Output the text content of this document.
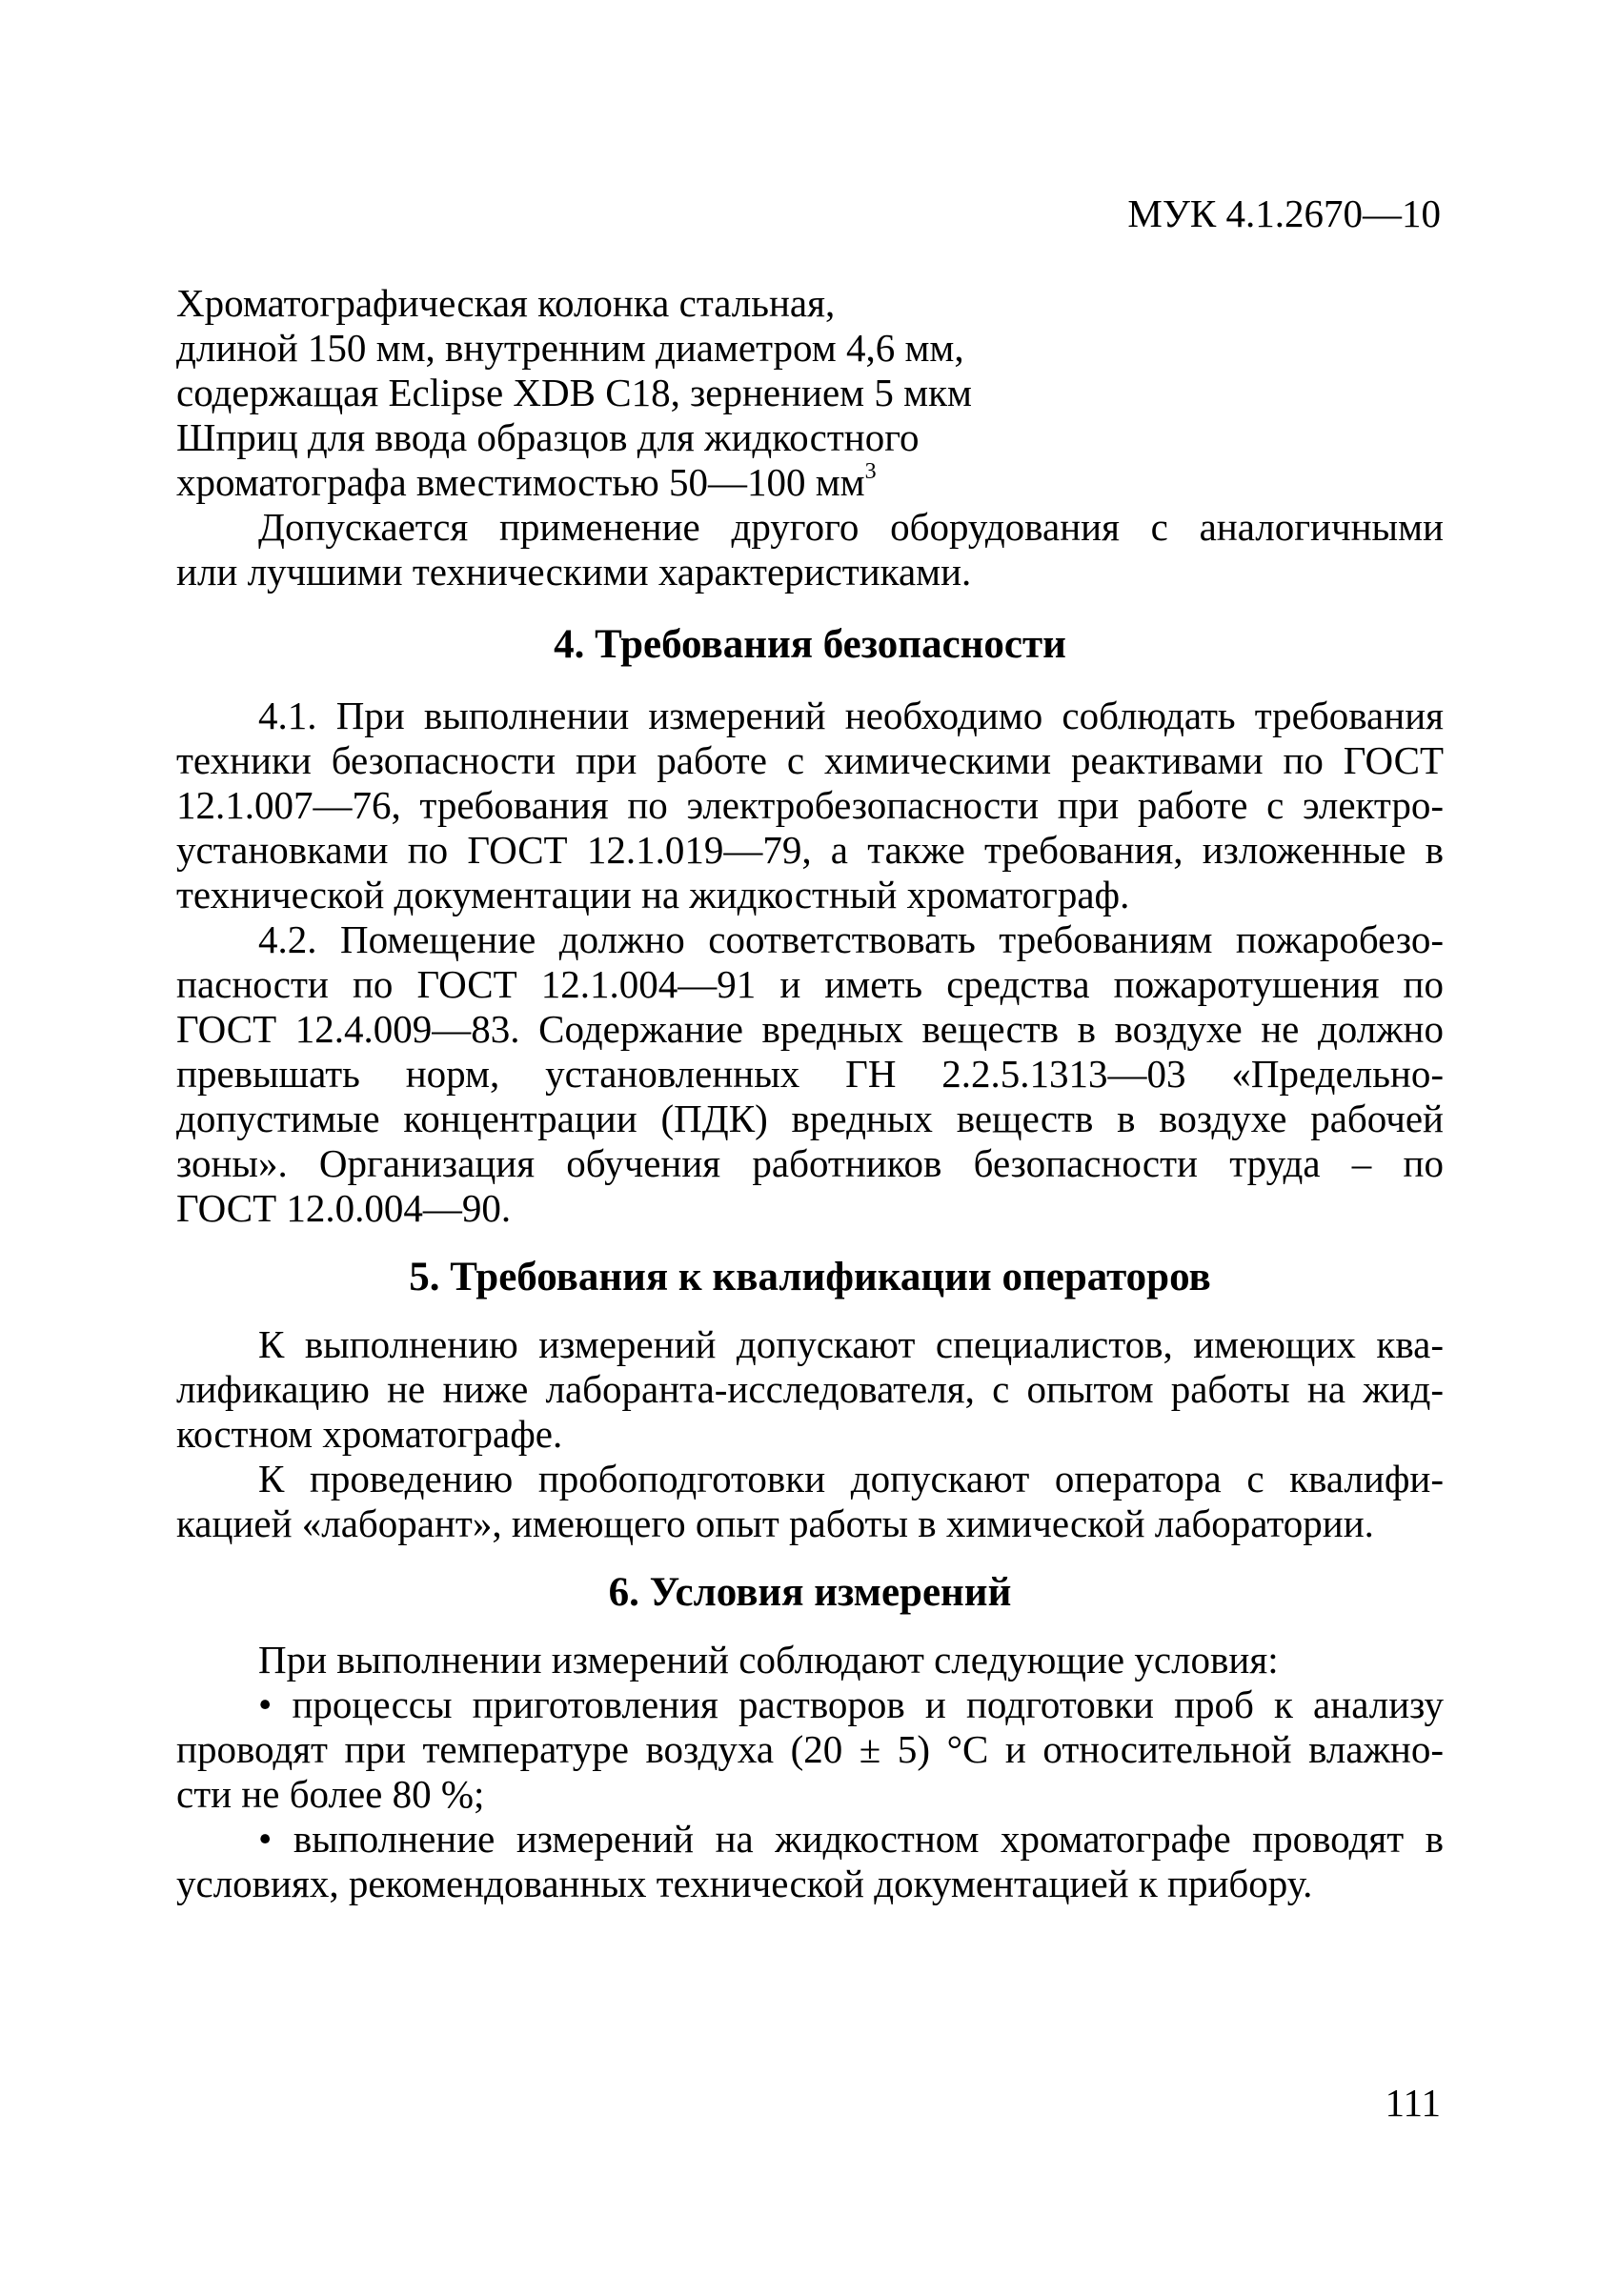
МУК 4.1.2670—10
Хроматографическая колонка стальная,
длиной 150 мм, внутренним диаметром 4,6 мм,
содержащая Eclipse XDB C18, зернением 5 мкм
Шприц для ввода образцов для жидкостного
хроматографа вместимостью 50—100 $мм^3$
Допускается применение другого оборудования с аналогичными
или лучшими техническими характеристиками.
4. Требования безопасности
4.1. При выполнении измерений необходимо соблюдать требования
техники безопасности при работе с химическими реактивами по ГОСТ
12.1.007—76, требования по электробезопасности при работе с электро-
установками по ГОСТ 12.1.019—79, а также требования, изложенные в
технической документации на жидкостный хроматограф.
4.2. Помещение должно соответствовать требованиям пожаробезо-
пасности по ГОСТ 12.1.004—91 и иметь средства пожаротушения по
ГОСТ 12.4.009—83. Содержание вредных веществ в воздухе не должно
превышать норм, установленных ГН 2.2.5.1313—03 «Предельно-
допустимые концентрации (ПДК) вредных веществ в воздухе рабочей
зоны». Организация обучения работников безопасности труда – по
ГОСТ 12.0.004—90.
5. Требования к квалификации операторов
К выполнению измерений допускают специалистов, имеющих ква-
лификацию не ниже лаборанта-исследователя, с опытом работы на жид-
костном хроматографе.
К проведению пробоподготовки допускают оператора с квалифи-
кацией «лаборант», имеющего опыт работы в химической лаборатории.
6. Условия измерений
При выполнении измерений соблюдают следующие условия:
• процессы приготовления растворов и подготовки проб к анализу
проводят при температуре воздуха (20 ± 5) °С и относительной влажно-
сти не более 80 %;
• выполнение измерений на жидкостном хроматографе проводят в
условиях, рекомендованных технической документацией к прибору.
111
